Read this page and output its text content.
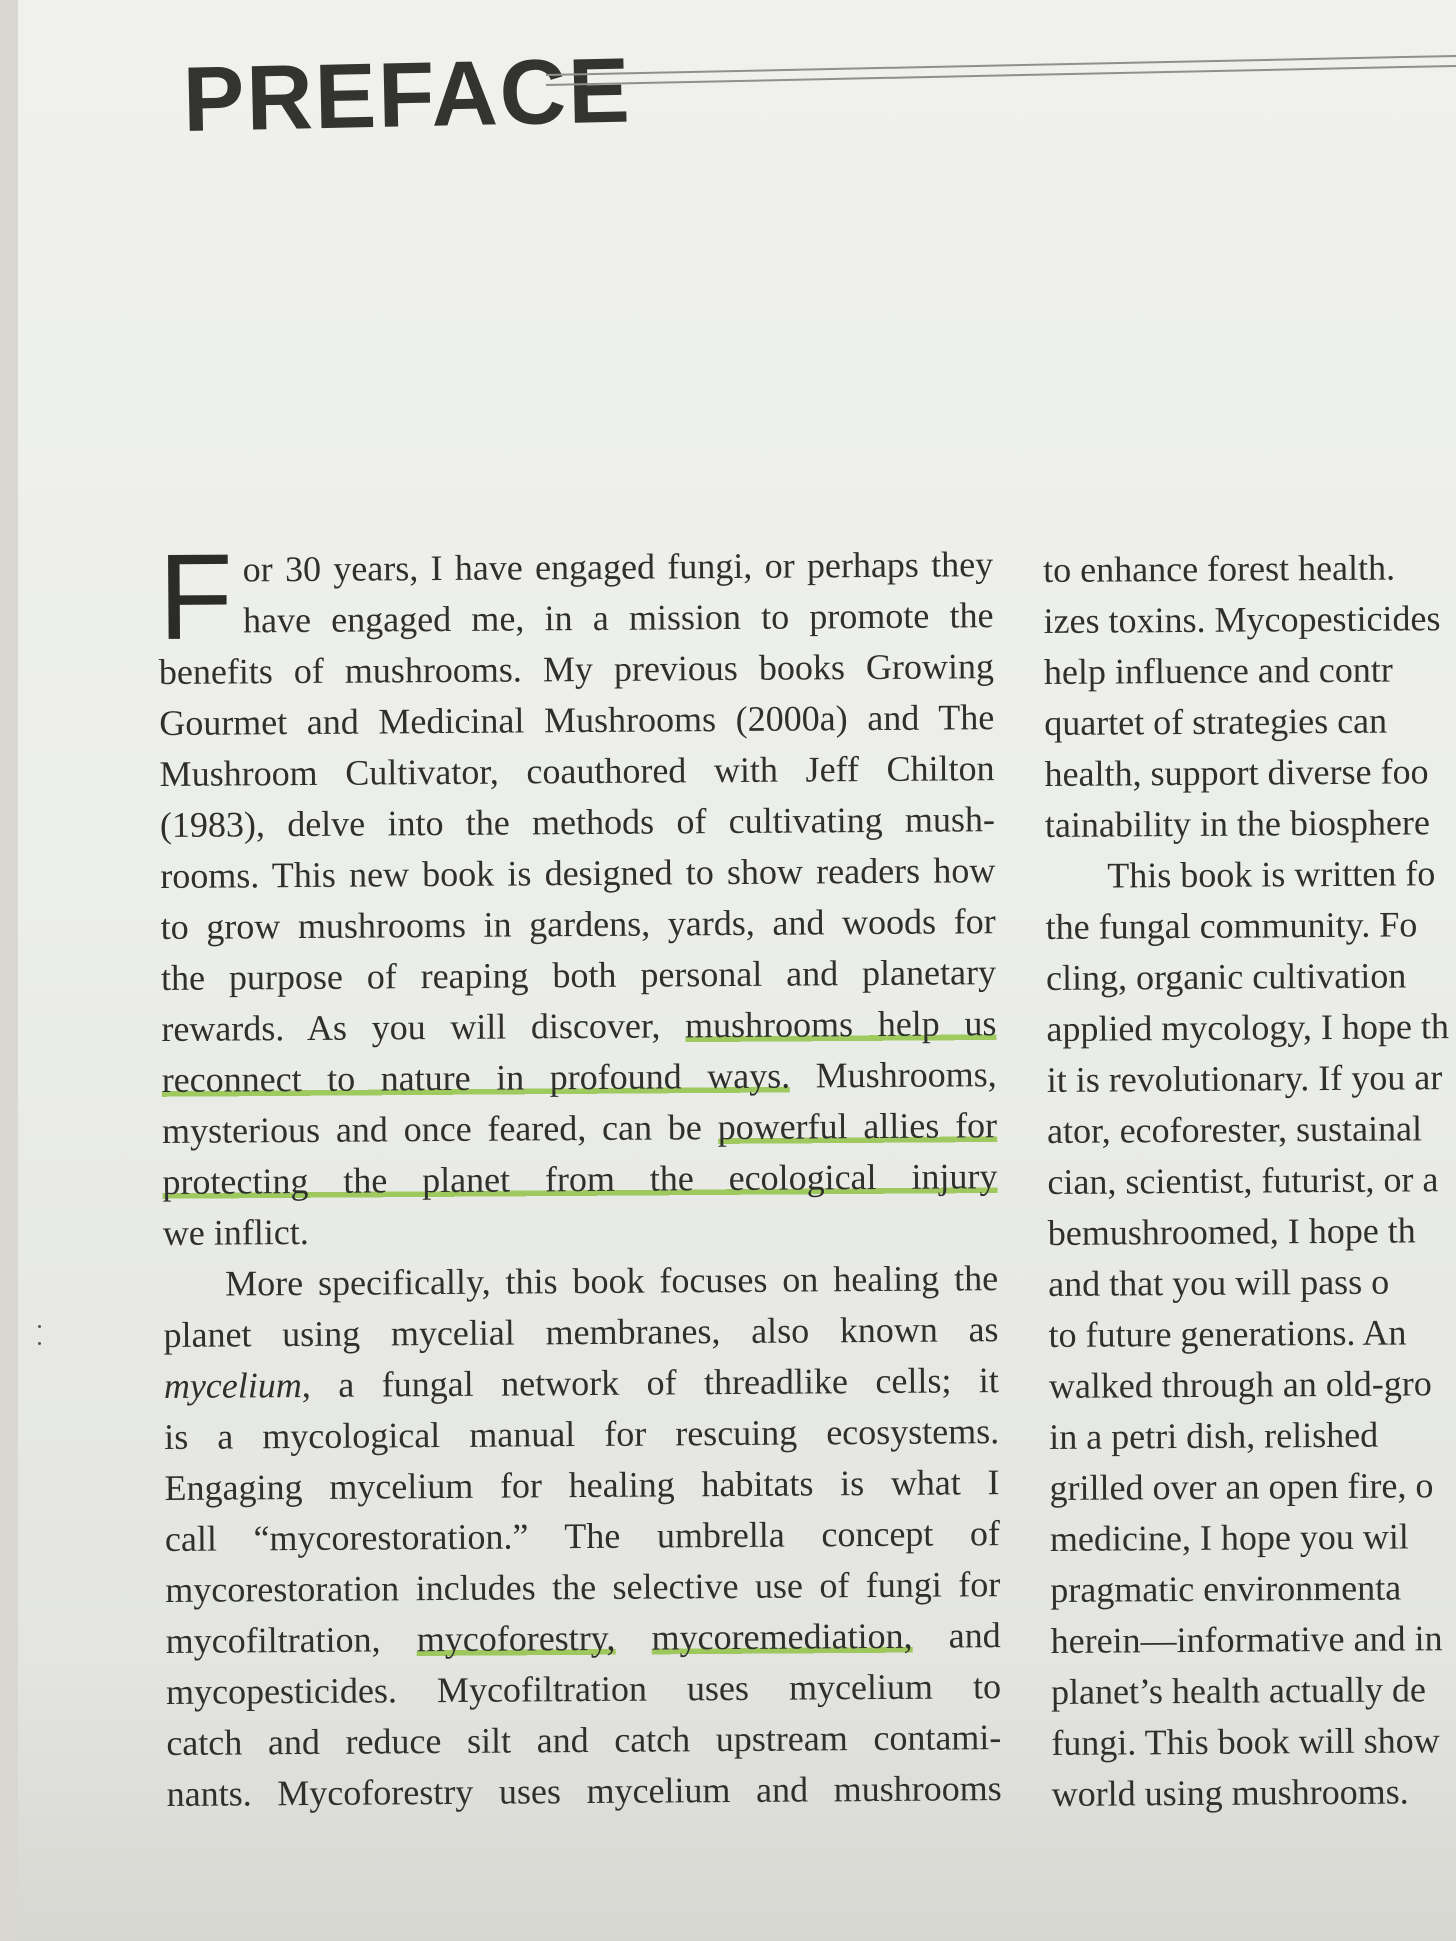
PREFACE
F or 30 years, I have engaged fungi, or perhaps they
have engaged me, in a mission to promote the
benefits of mushrooms. My previous books Growing
Gourmet and Medicinal Mushrooms (2000a) and The
Mushroom Cultivator, coauthored with Jeff Chilton
(1983), delve into the methods of cultivating mush-
rooms. This new book is designed to show readers how
to grow mushrooms in gardens, yards, and woods for
the purpose of reaping both personal and planetary
rewards. As you will discover, mushrooms help us
reconnect to nature in profound ways. Mushrooms,
mysterious and once feared, can be powerful allies for
protecting the planet from the ecological injury
we inflict.
More specifically, this book focuses on healing the
planet using mycelial membranes, also known as
mycelium, a fungal network of threadlike cells; it
is a mycological manual for rescuing ecosystems.
Engaging mycelium for healing habitats is what I
call “mycorestoration.” The umbrella concept of
mycorestoration includes the selective use of fungi for
mycofiltration, mycoforestry, mycoremediation, and
mycopesticides. Mycofiltration uses mycelium to
catch and reduce silt and catch upstream contami-
nants. Mycoforestry uses mycelium and mushrooms
to enhance forest health.
izes toxins. Mycopesticides
help influence and contr
quartet of strategies can
health, support diverse foo
tainability in the biosphere
This book is written fo
the fungal community. Fo
cling, organic cultivation
applied mycology, I hope th
it is revolutionary. If you ar
ator, ecoforester, sustainal
cian, scientist, futurist, or a
bemushroomed, I hope th
and that you will pass o
to future generations. An
walked through an old-gro
in a petri dish, relished
grilled over an open fire, o
medicine, I hope you wil
pragmatic environmenta
herein—informative and in
planet’s health actually de
fungi. This book will show
world using mushrooms.
